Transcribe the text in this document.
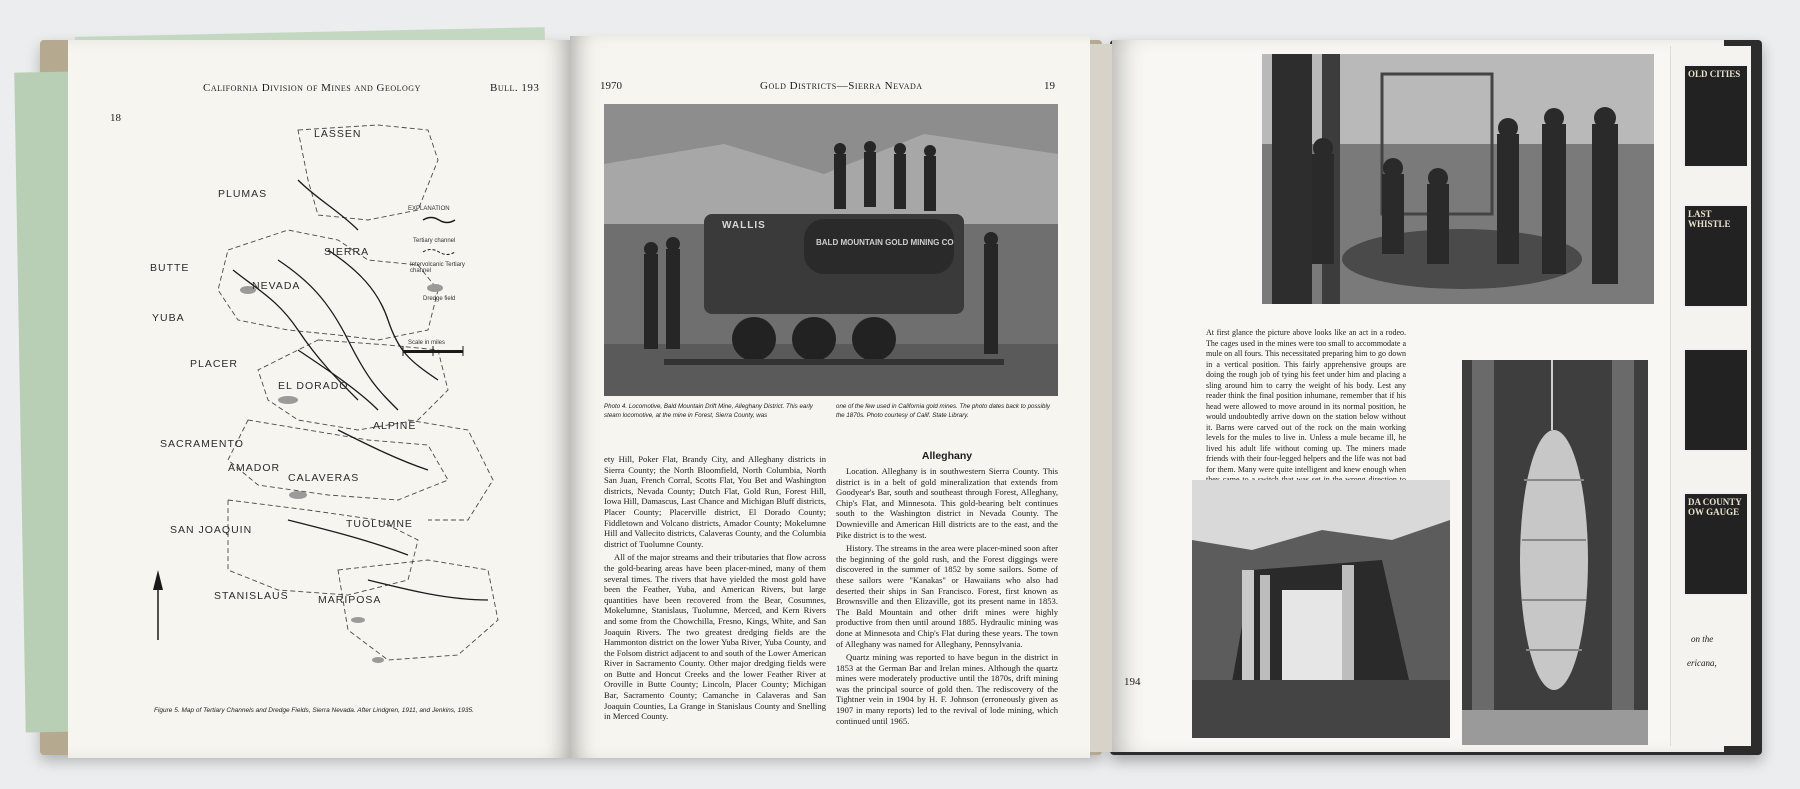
California Division of Mines and Geology	Bull. 193
18
LASSEN
PLUMAS
SIERRA
BUTTE
NEVADA
YUBA
PLACER
EL DORADO
SACRAMENTO
ALPINE
AMADOR
CALAVERAS
SAN JOAQUIN	TUOLUMNE
STANISLAUS	MARIPOSA
EXPLANATION
Tertiary channel
Intervolcanic Tertiary channel
Dredge field
Scale in miles
Figure 5. Map of Tertiary Channels and Dredge Fields, Sierra Nevada. After Lindgren, 1911, and Jenkins, 1935.
1970	Gold Districts—Sierra Nevada	19
WALLIS
BALD MOUNTAIN GOLD MINING CO
Photo 4. Locomotive, Bald Mountain Drift Mine, Alleghany District. This early steam locomotive, at the mine in Forest, Sierra County, was
one of the few used in California gold mines. The photo dates back to possibly the 1870s. Photo courtesy of Calif. State Library.

ety Hill, Poker Flat, Brandy City, and Alleghany districts in Sierra County; the North Bloomfield, North Columbia, North San Juan, French Corral, Scotts Flat, You Bet and Washington districts, Nevada County; Dutch Flat, Gold Run, Forest Hill, Iowa Hill, Damascus, Last Chance and Michigan Bluff districts, Placer County; Placerville district, El Dorado County; Fiddletown and Volcano districts, Amador County; Mokelumne Hill and Vallecito districts, Calaveras County, and the Columbia district of Tuolumne County.

All of the major streams and their tributaries that flow across the gold-bearing areas have been placer-mined, many of them several times. The rivers that have yielded the most gold have been the Feather, Yuba, and American Rivers, but large quantities have been recovered from the Bear, Cosumnes, Mokelumne, Stanislaus, Tuolumne, Merced, and Kern Rivers and some from the Chowchilla, Fresno, Kings, White, and San Joaquin Rivers. The two greatest dredging fields are the Hammonton district on the lower Yuba River, Yuba County, and the Folsom district adjacent to and south of the Lower American River in Sacramento County. Other major dredging fields were on Butte and Honcut Creeks and the lower Feather River at Oroville in Butte County; Lincoln, Placer County; Michigan Bar, Sacramento County; Camanche in Calaveras and San Joaquin Counties, La Grange in Stanislaus County and Snelling in Merced County.

Alleghany

Location. Alleghany is in southwestern Sierra County. This district is in a belt of gold mineralization that extends from Goodyear's Bar, south and southeast through Forest, Alleghany, Chip's Flat, and Minnesota. This gold-bearing belt continues south to the Washington district in Nevada County. The Downieville and American Hill districts are to the east, and the Pike district is to the west.

History. The streams in the area were placer-mined soon after the beginning of the gold rush, and the Forest diggings were discovered in the summer of 1852 by some sailors. Some of these sailors were "Kanakas" or Hawaiians who also had deserted their ships in San Francisco. Forest, first known as Brownsville and then Elizaville, got its present name in 1853. The Bald Mountain and other drift mines were highly productive from then until around 1885. Hydraulic mining was done at Minnesota and Chip's Flat during these years. The town of Alleghany was named for Alleghany, Pennsylvania.

Quartz mining was reported to have begun in the district in 1853 at the German Bar and Irelan mines. Although the quartz mines were moderately productive until the 1870s, drift mining was the principal source of gold then. The rediscovery of the Tightner vein in 1904 by H. F. Johnson (erroneously given as 1907 in many reports) led to the revival of lode mining, which continued until 1965.

194
At first glance the picture above looks like an act in a rodeo. The cages used in the mines were too small to accommodate a mule on all fours. This necessitated preparing him to go down in a vertical position. This fairly apprehensive groups are doing the rough job of tying his feet under him and placing a sling around him to carry the weight of his body. Lest any reader think the final position inhumane, remember that if his head were allowed to move around in its normal position, he would undoubtedly arrive down on the station below without it. Barns were carved out of the rock on the main working levels for the mules to live in. Unless a mule became ill, he lived his adult life without coming up. The miners made friends with their four-legged helpers and the life was not bad for them. Many were quite intelligent and knew enough when
OLD CITIES
LAST WHISTLE
DA COUNTY OW GAUGE
on the
ericana,
